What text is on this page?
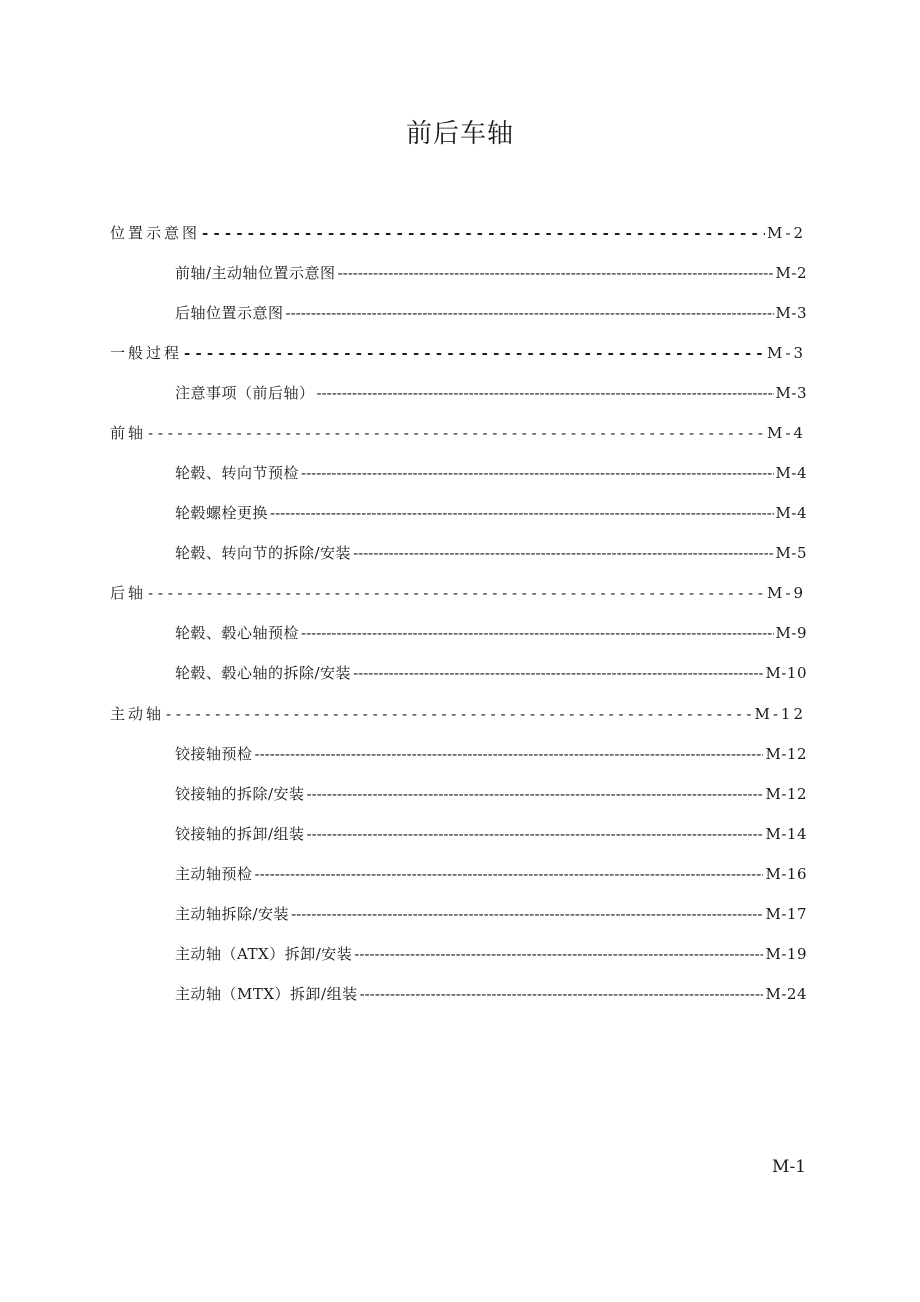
前后车轴
位置示意图 - - -	M-2
前轴/主动轴位置示意图 -----	M-2
后轴位置示意图 -----	M-3
一般过程 - - -	M-3
注意事项（前后轴） -----	M-3
前轴 - - -	M-4
轮毂、转向节预检 -----	M-4
轮毂螺栓更换 -----	M-4
轮毂、转向节的拆除/安装 -----	M-5
后轴 - - -	M-9
轮毂、毂心轴预检 -----	M-9
轮毂、毂心轴的拆除/安装 -----	M-10
主动轴 - - -	M-12
铰接轴预检 -----	M-12
铰接轴的拆除/安装 -----	M-12
铰接轴的拆卸/组装 -----	M-14
主动轴预检 -----	M-16
主动轴拆除/安装 -----	M-17
主动轴（ATX）拆卸/安装 -----	M-19
主动轴（MTX）拆卸/组装 -----	M-24
M-1
